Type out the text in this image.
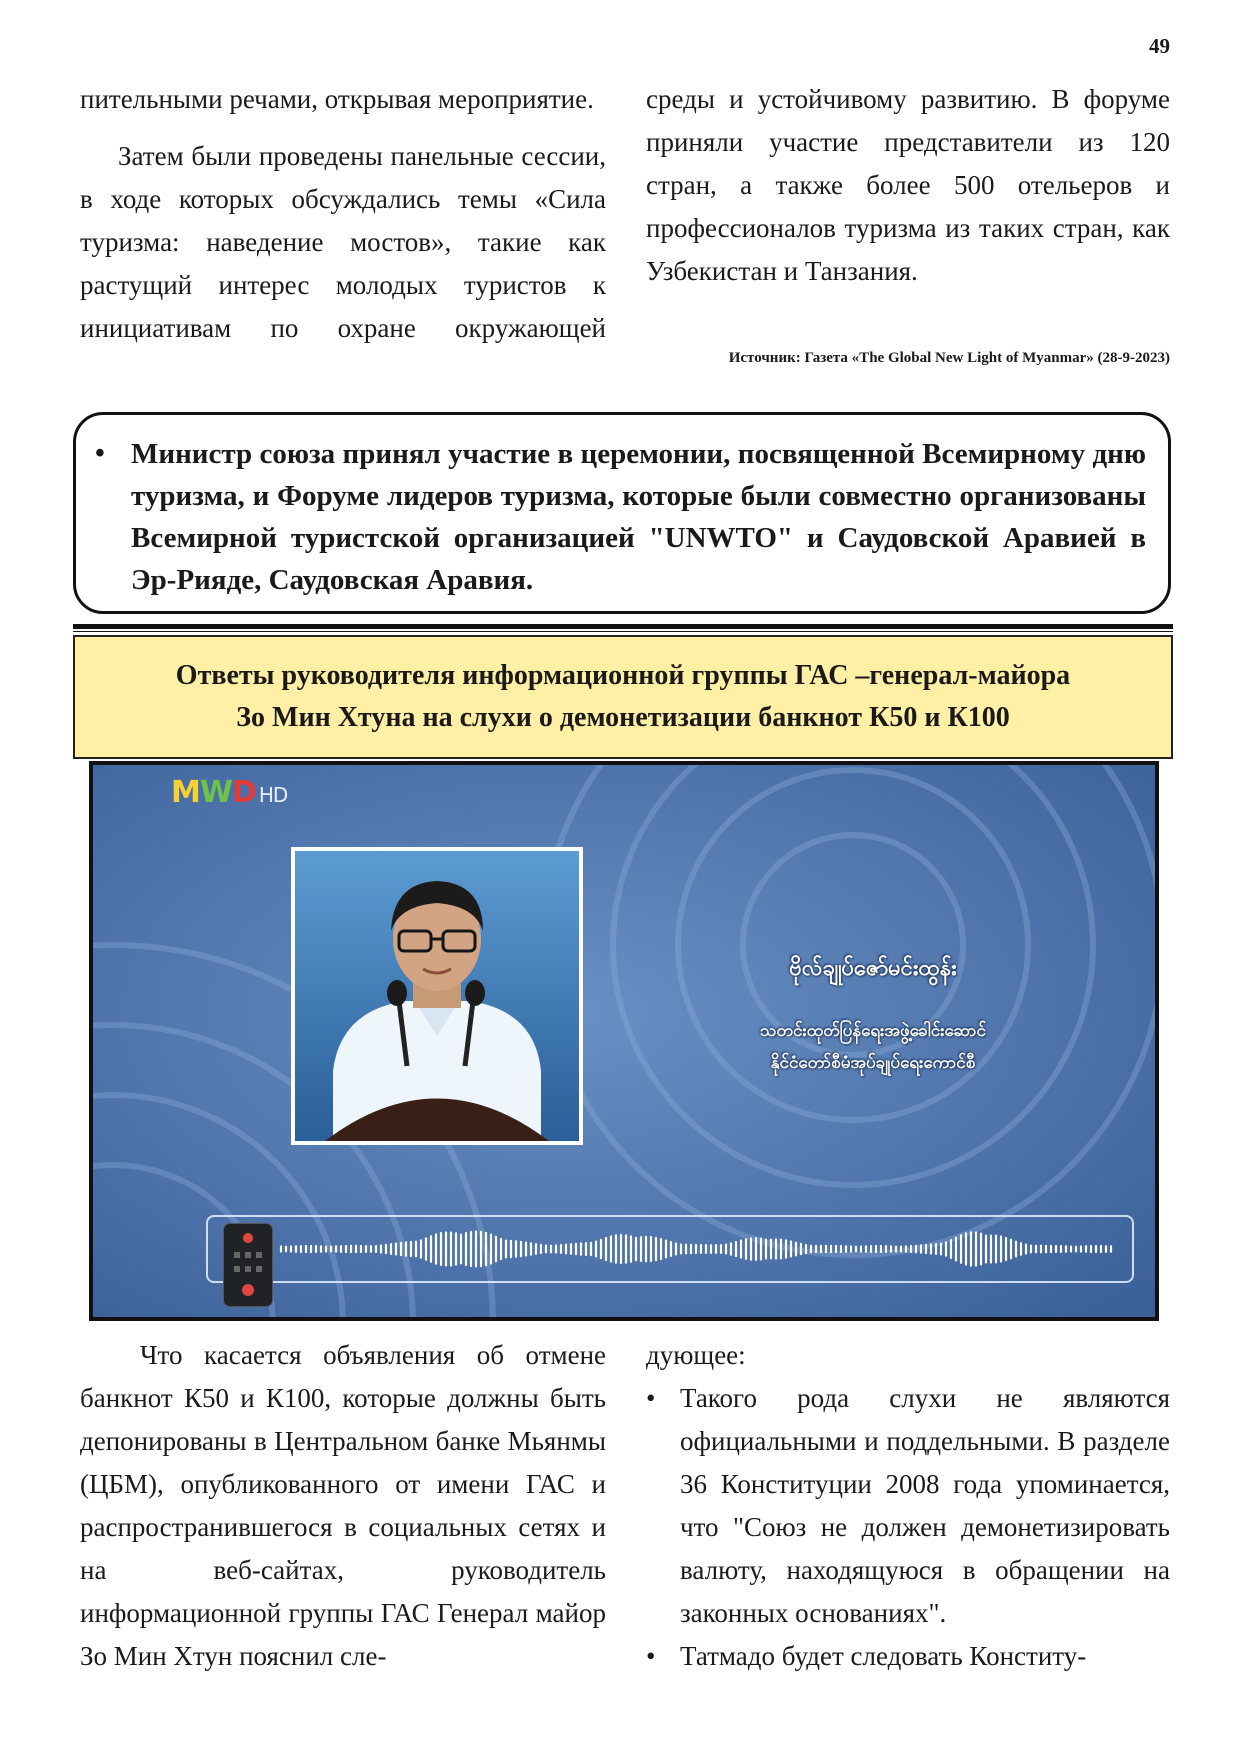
49

пительными речами, открывая мероприятие.

Затем были проведены панельные сессии, в ходе которых обсуждались темы «Сила туризма: наведение мостов», такие как растущий интерес молодых туристов к инициативам по охране окружающей

среды и устойчивому развитию. В форуме приняли участие представители из 120 стран, а также более 500 отельеров и профессионалов туризма из таких стран, как Узбекистан и Танзания.

Источник: Газета «The Global New Light of Myanmar» (28-9-2023)
• Министр союза принял участие в церемонии, посвященной Всемирному дню туризма, и Форуме лидеров туризма, которые были совместно организованы Всемирной туристской организацией "UNWTO" и Саудовской Аравией в Эр-Рияде, Саудовская Аравия.
Ответы руководителя информационной группы ГАС –генерал-майора
Зо Мин Хтуна на слухи о демонетизации банкнот К50 и К100
MWD HD
ဗိုလ်ချုပ်ဇော်မင်းထွန်း
သတင်းထုတ်ပြန်ရေးအဖွဲ့ခေါင်းဆောင်
နိုင်ငံတော်စီမံအုပ်ချုပ်ရေးကောင်စီ

Что касается объявления об отмене банкнот К50 и К100, которые должны быть депонированы в Центральном банке Мьянмы (ЦБМ), опубликованного от имени ГАС и распространившегося в социальных сетях и на веб-сайтах, руководитель информационной группы ГАС Генерал майор Зо Мин Хтун пояснил сле-

дующее:

• Такого рода слухи не являются официальными и поддельными. В разделе 36 Конституции 2008 года упоминается, что "Союз не должен демонетизировать валюту, находящуюся в обращении на законных основаниях".
• Татмадо будет следовать Конститу-
